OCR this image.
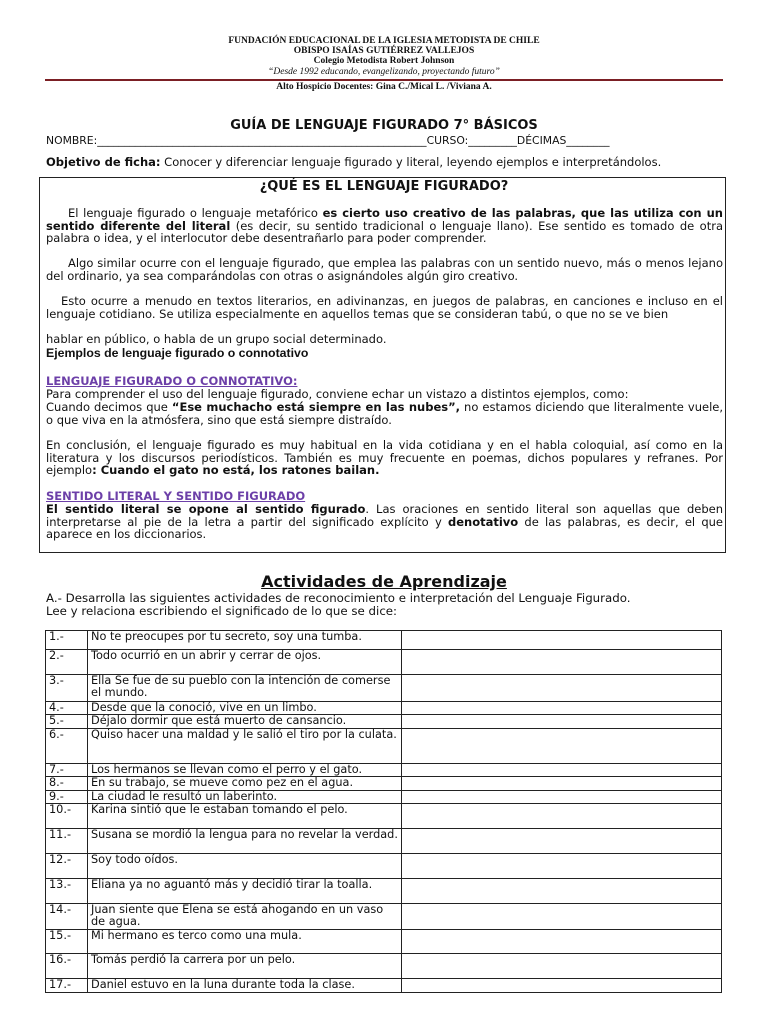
FUNDACIÓN EDUCACIONAL DE LA IGLESIA METODISTA DE CHILE
OBISPO ISAÍAS GUTIÉRREZ VALLEJOS
Colegio Metodista Robert Johnson
“Desde 1992 educando, evangelizando, proyectando futuro”
Alto Hospicio Docentes: Gina C./Mical L. /Viviana A.
GUÍA DE LENGUAJE FIGURADO 7° BÁSICOS
NOMBRE:_____________________________________________________________CURSO:_________DÉCIMAS________
Objetivo de ficha: Conocer y diferenciar lenguaje figurado y literal, leyendo ejemplos e interpretándolos.
¿QUÉ ES EL LENGUAJE FIGURADO?
El lenguaje figurado o lenguaje metafórico es cierto uso creativo de las palabras, que las utiliza con un sentido diferente del literal (es decir, su sentido tradicional o lenguaje llano). Ese sentido es tomado de otra palabra o idea, y el interlocutor debe desentrañarlo para poder comprender.
Algo similar ocurre con el lenguaje figurado, que emplea las palabras con un sentido nuevo, más o menos lejano del ordinario, ya sea comparándolas con otras o asignándoles algún giro creativo.
Esto ocurre a menudo en textos literarios, en adivinanzas, en juegos de palabras, en canciones e incluso en el lenguaje cotidiano. Se utiliza especialmente en aquellos temas que se consideran tabú, o que no se ve bien
hablar en público, o habla de un grupo social determinado.
Ejemplos de lenguaje figurado o connotativo
LENGUAJE FIGURADO O CONNOTATIVO:
Para comprender el uso del lenguaje figurado, conviene echar un vistazo a distintos ejemplos, como:
Cuando decimos que “Ese muchacho está siempre en las nubes”, no estamos diciendo que literalmente vuele, o que viva en la atmósfera, sino que está siempre distraído.
En conclusión, el lenguaje figurado es muy habitual en la vida cotidiana y en el habla coloquial, así como en la literatura y los discursos periodísticos. También es muy frecuente en poemas, dichos populares y refranes. Por ejemplo: Cuando el gato no está, los ratones bailan.
SENTIDO LITERAL Y SENTIDO FIGURADO
El sentido literal se opone al sentido figurado. Las oraciones en sentido literal son aquellas que deben interpretarse al pie de la letra a partir del significado explícito y denotativo de las palabras, es decir, el que aparece en los diccionarios.
Actividades de Aprendizaje
A.- Desarrolla las siguientes actividades de reconocimiento e interpretación del Lenguaje Figurado.
Lee y relaciona escribiendo el significado de lo que se dice:
1.-	No te preocupes por tu secreto, soy una tumba.	
2.-	Todo ocurrió en un abrir y cerrar de ojos.	
3.-	Ella Se fue de su pueblo con la intención de comerse el mundo.	
4.-	Desde que la conoció, vive en un limbo.	
5.-	Déjalo dormir que está muerto de cansancio.	
6.-	Quiso hacer una maldad y le salió el tiro por la culata.	
7.-	Los hermanos se llevan como el perro y el gato.	
8.-	En su trabajo, se mueve como pez en el agua.	
9.-	La ciudad le resultó un laberinto.	
10.-	Karina sintió que le estaban tomando el pelo.	
11.-	Susana se mordió la lengua para no revelar la verdad.	
12.-	Soy todo oídos.	
13.-	Eliana ya no aguantó más y decidió tirar la toalla.	
14.-	Juan siente que Elena se está ahogando en un vaso de agua.	
15.-	Mi hermano es terco como una mula.	
16.-	Tomás perdió la carrera por un pelo.	
17.-	Daniel estuvo en la luna durante toda la clase.	
